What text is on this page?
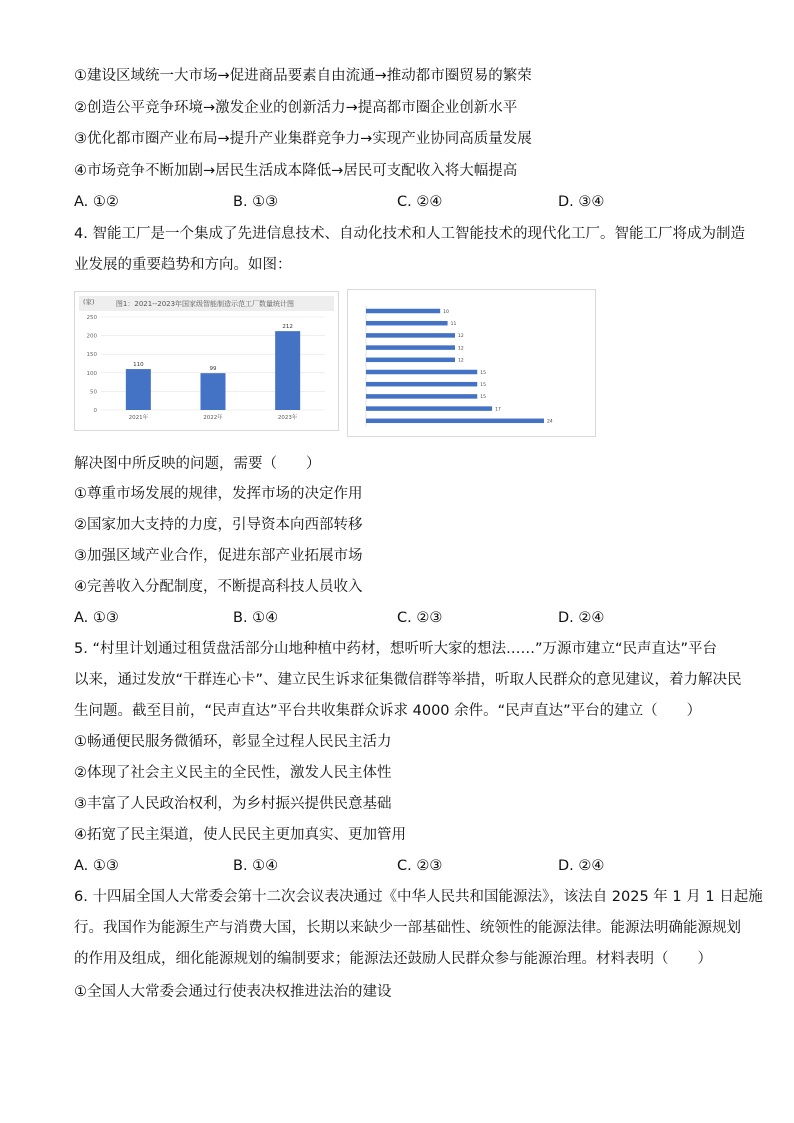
①建设区域统一大市场→促进商品要素自由流通→推动都市圈贸易的繁荣
②创造公平竞争环境→激发企业的创新活力→提高都市圈企业创新水平
③优化都市圈产业布局→提升产业集群竞争力→实现产业协同高质量发展
④市场竞争不断加剧→居民生活成本降低→居民可支配收入将大幅提高
A. ①②	B. ①③	C. ②④	D. ③④
4. 智能工厂是一个集成了先进信息技术、自动化技术和人工智能技术的现代化工厂。智能工厂将成为制造
业发展的重要趋势和方向。如图：
图1：2021--2023年国家级智能制造示范工厂数量统计图
(家)
0
50
100
150
200
250
110
2021年
99
2022年
212
2023年
10
11
12
12
12
15
15
15
17
24
解决图中所反映的问题，需要（　　）
①尊重市场发展的规律，发挥市场的决定作用
②国家加大支持的力度，引导资本向西部转移
③加强区域产业合作，促进东部产业拓展市场
④完善收入分配制度，不断提高科技人员收入
A. ①③	B. ①④	C. ②③	D. ②④
5. “村里计划通过租赁盘活部分山地种植中药材，想听听大家的想法……”万源市建立“民声直达”平台
以来，通过发放“干群连心卡”、建立民生诉求征集微信群等举措，听取人民群众的意见建议，着力解决民
生问题。截至目前，“民声直达”平台共收集群众诉求 4000 余件。“民声直达”平台的建立（　　）
①畅通便民服务微循环，彰显全过程人民民主活力
②体现了社会主义民主的全民性，激发人民主体性
③丰富了人民政治权利，为乡村振兴提供民意基础
④拓宽了民主渠道，使人民民主更加真实、更加管用
A. ①③	B. ①④	C. ②③	D. ②④
6. 十四届全国人大常委会第十二次会议表决通过《中华人民共和国能源法》，该法自 2025 年 1 月 1 日起施
行。我国作为能源生产与消费大国，长期以来缺少一部基础性、统领性的能源法律。能源法明确能源规划
的作用及组成，细化能源规划的编制要求；能源法还鼓励人民群众参与能源治理。材料表明（　　）
①全国人大常委会通过行使表决权推进法治的建设
